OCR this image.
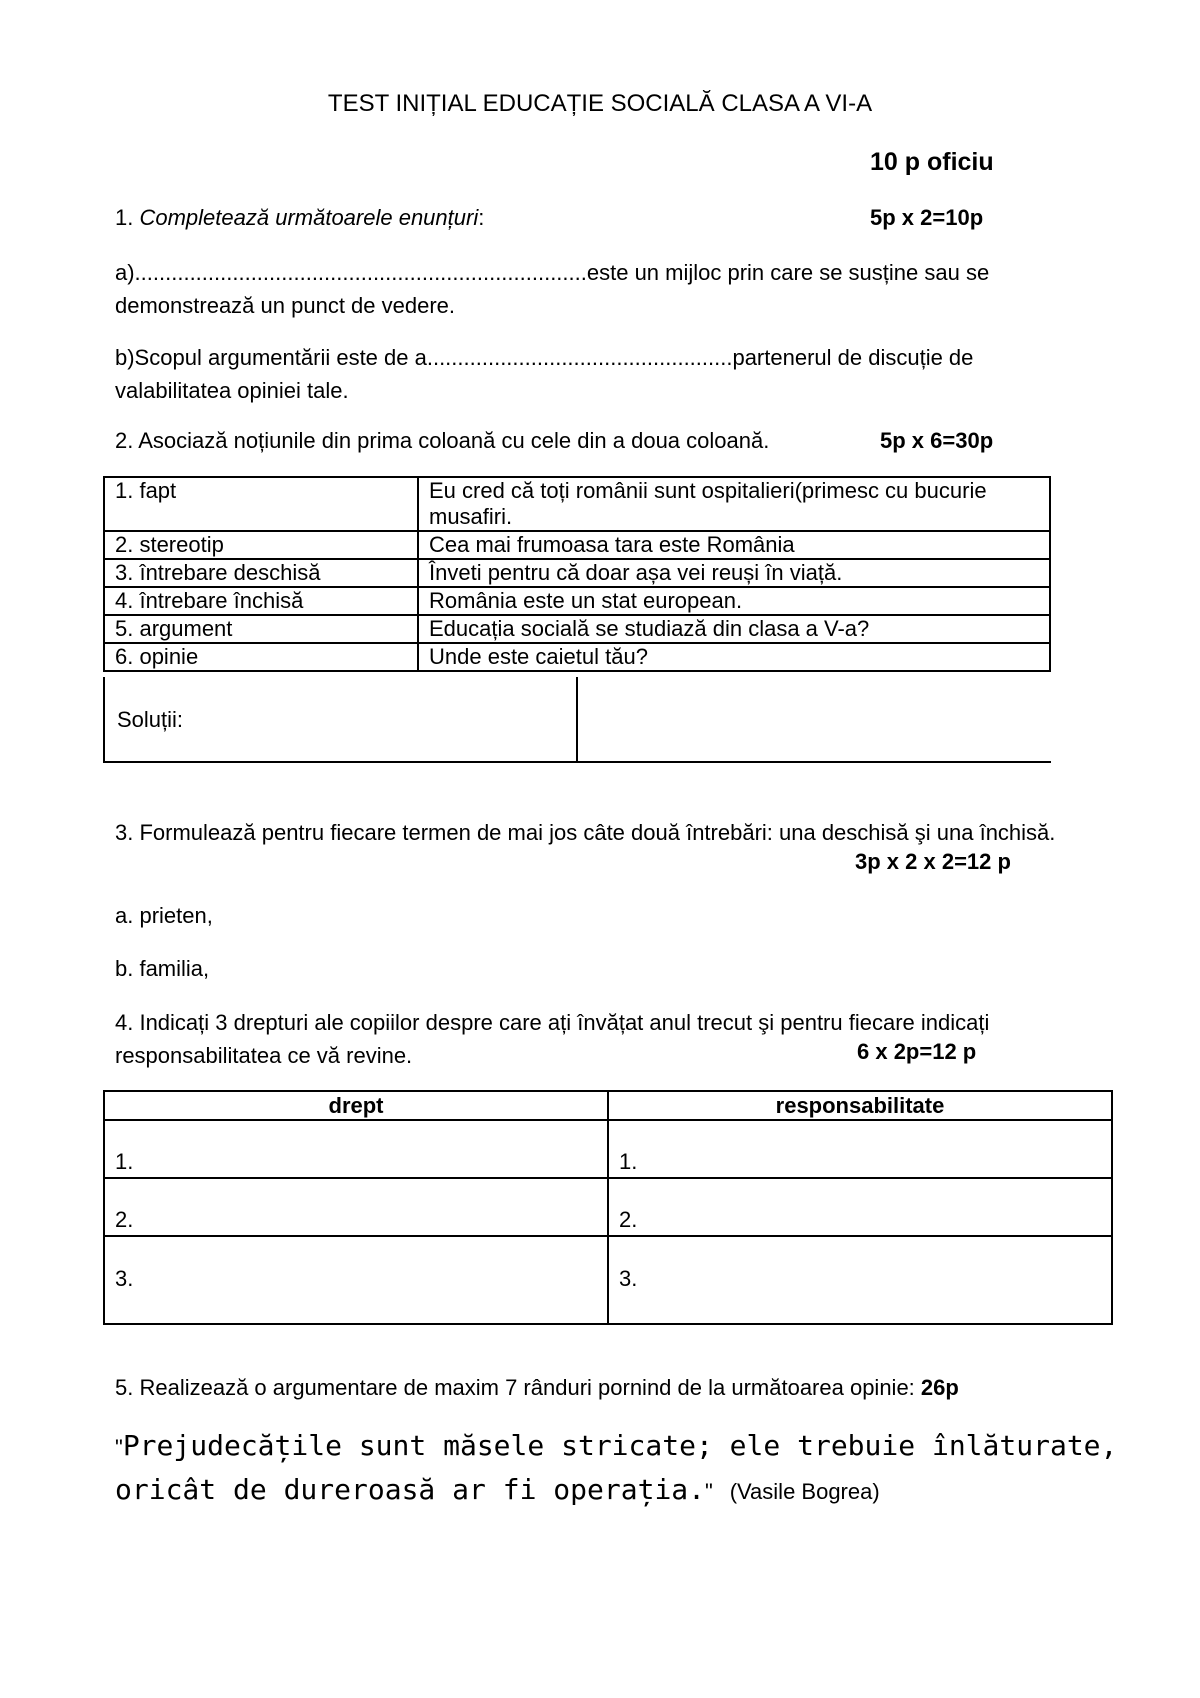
TEST INIȚIAL EDUCAȚIE SOCIALĂ CLASA A VI-A
10 p oficiu
1. Completează următoarele enunțuri:	5p x 2=10p
a)..........................................................................este un mijloc prin care se susține sau se demonstrează un punct de vedere.
b)Scopul argumentării este de a..................................................partenerul de discuție de valabilitatea opiniei tale.
2. Asociază noțiunile din prima coloană cu cele din a doua coloană.	5p x 6=30p
1. fapt	Eu cred că toți românii sunt ospitalieri(primesc cu bucurie musafiri.
2. stereotip	Cea mai frumoasa tara este România
3. întrebare deschisă	Înveti pentru că doar așa vei reuși în viață.
4. întrebare închisă	România este un stat european.
5. argument	Educația socială se studiază din clasa a V-a?
6. opinie	Unde este caietul tău?
Soluții:
3. Formulează pentru fiecare termen de mai jos câte două întrebări: una deschisă şi una închisă.
3p x 2 x 2=12 p
a. prieten,
b. familia,
4. Indicați 3 drepturi ale copiilor despre care ați învățat anul trecut şi pentru fiecare indicați responsabilitatea ce vă revine.	6 x 2p=12 p
drept	responsabilitate
1.	1.
2.	2.
3.	3.
5. Realizează o argumentare de maxim 7 rânduri pornind de la următoarea opinie: 26p
"Prejudecățile sunt măsele stricate; ele trebuie înlăturate, oricât de dureroasă ar fi operația." (Vasile Bogrea)
